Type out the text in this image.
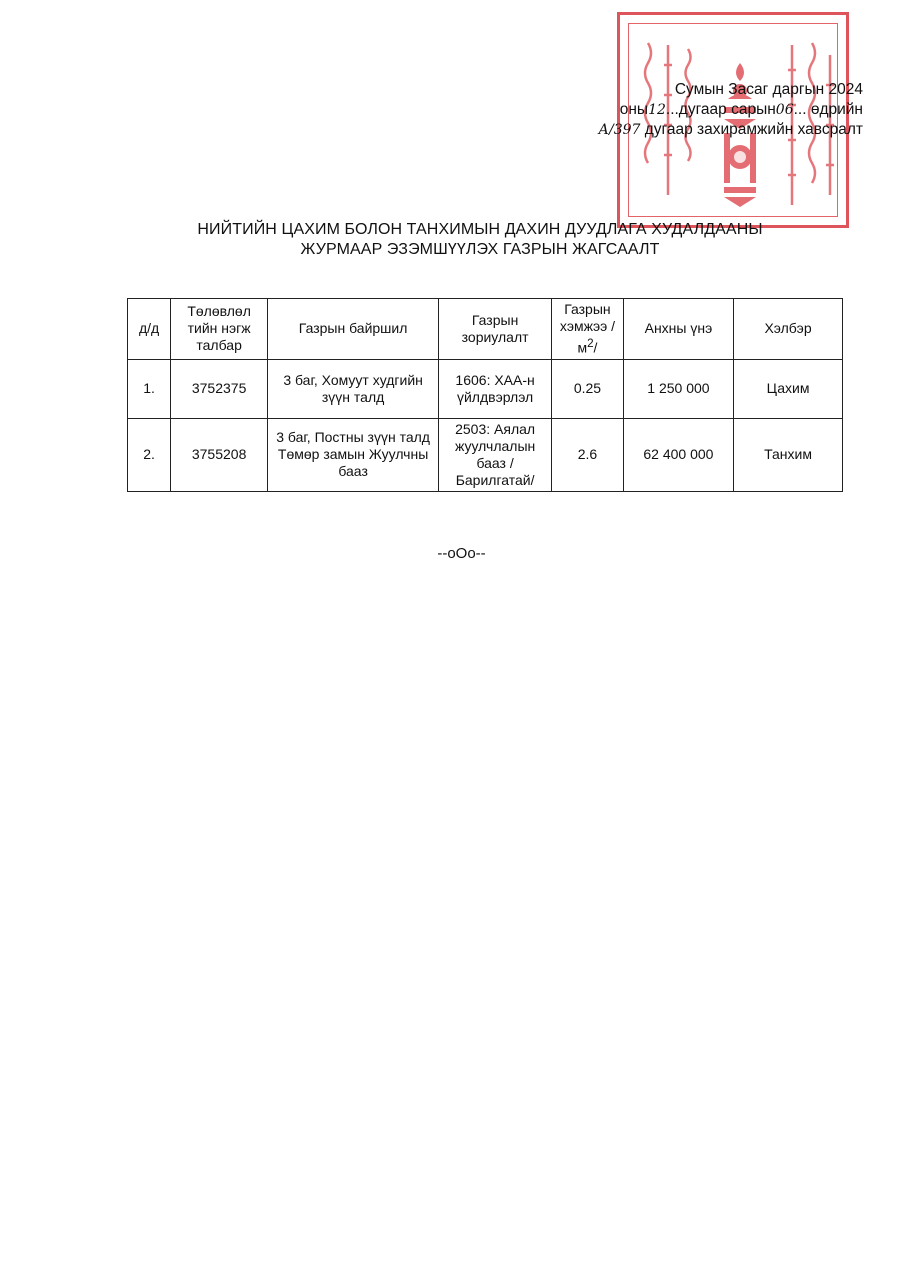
Сумын Засаг даргын 2024
оны12...дугаар сарын06... өдрийн
А/397 дугаар захирамжийн хавсралт
НИЙТИЙН ЦАХИМ БОЛОН ТАНХИМЫН ДАХИН ДУУДЛАГА ХУДАЛДААНЫ
ЖУРМААР ЭЗЭМШҮҮЛЭХ ГАЗРЫН ЖАГСААЛТ
д/д	Төлөвлөл тийн нэгж талбар	Газрын байршил	Газрын зориулалт	Газрын хэмжээ $/м^2/$	Анхны үнэ	Хэлбэр
1.	3752375	3 баг, Хомуут худгийн зүүн талд	1606: ХАА-н үйлдвэрлэл	0.25	1 250 000	Цахим
2.	3755208	3 баг, Постны зүүн талд Төмөр замын Жуулчны бааз	2503: Аялал жуулчлалын бааз /Барилгатай/	2.6	62 400 000	Танхим
--оОо--
